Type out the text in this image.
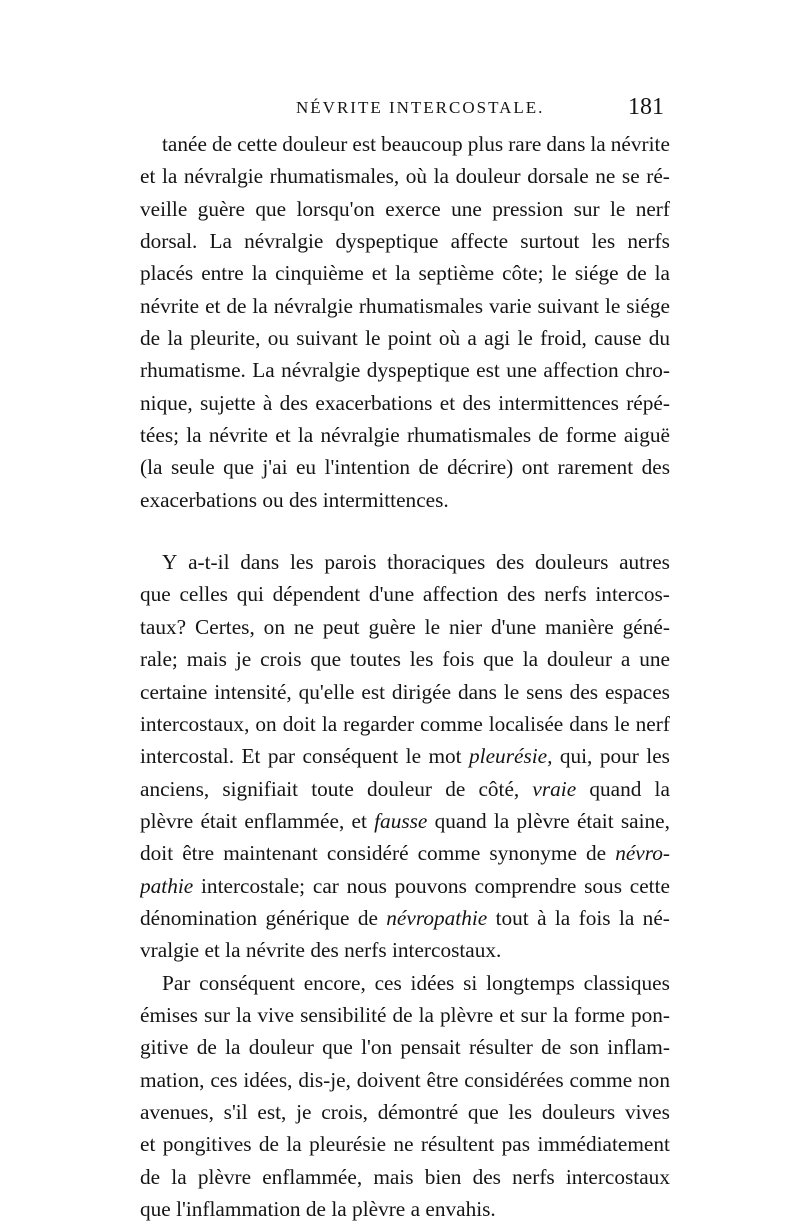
NÉVRITE INTERCOSTALE.	181
tanée de cette douleur est beaucoup plus rare dans la névrite
et la névralgie rhumatismales, où la douleur dorsale ne se ré-
veille guère que lorsqu'on exerce une pression sur le nerf
dorsal. La névralgie dyspeptique affecte surtout les nerfs
placés entre la cinquième et la septième côte; le siége de la
névrite et de la névralgie rhumatismales varie suivant le siége
de la pleurite, ou suivant le point où a agi le froid, cause du
rhumatisme. La névralgie dyspeptique est une affection chro-
nique, sujette à des exacerbations et des intermittences répé-
tées; la névrite et la névralgie rhumatismales de forme aiguë
(la seule que j'ai eu l'intention de décrire) ont rarement des
exacerbations ou des intermittences.
Y a-t-il dans les parois thoraciques des douleurs autres
que celles qui dépendent d'une affection des nerfs intercos-
taux? Certes, on ne peut guère le nier d'une manière géné-
rale; mais je crois que toutes les fois que la douleur a une
certaine intensité, qu'elle est dirigée dans le sens des espaces
intercostaux, on doit la regarder comme localisée dans le nerf
intercostal. Et par conséquent le mot pleurésie, qui, pour les
anciens, signifiait toute douleur de côté, vraie quand la
plèvre était enflammée, et fausse quand la plèvre était saine,
doit être maintenant considéré comme synonyme de névro-
pathie intercostale; car nous pouvons comprendre sous cette
dénomination générique de névropathie tout à la fois la né-
vralgie et la névrite des nerfs intercostaux.
Par conséquent encore, ces idées si longtemps classiques
émises sur la vive sensibilité de la plèvre et sur la forme pon-
gitive de la douleur que l'on pensait résulter de son inflam-
mation, ces idées, dis-je, doivent être considérées comme non
avenues, s'il est, je crois, démontré que les douleurs vives
et pongitives de la pleurésie ne résultent pas immédiatement
de la plèvre enflammée, mais bien des nerfs intercostaux
que l'inflammation de la plèvre a envahis.
